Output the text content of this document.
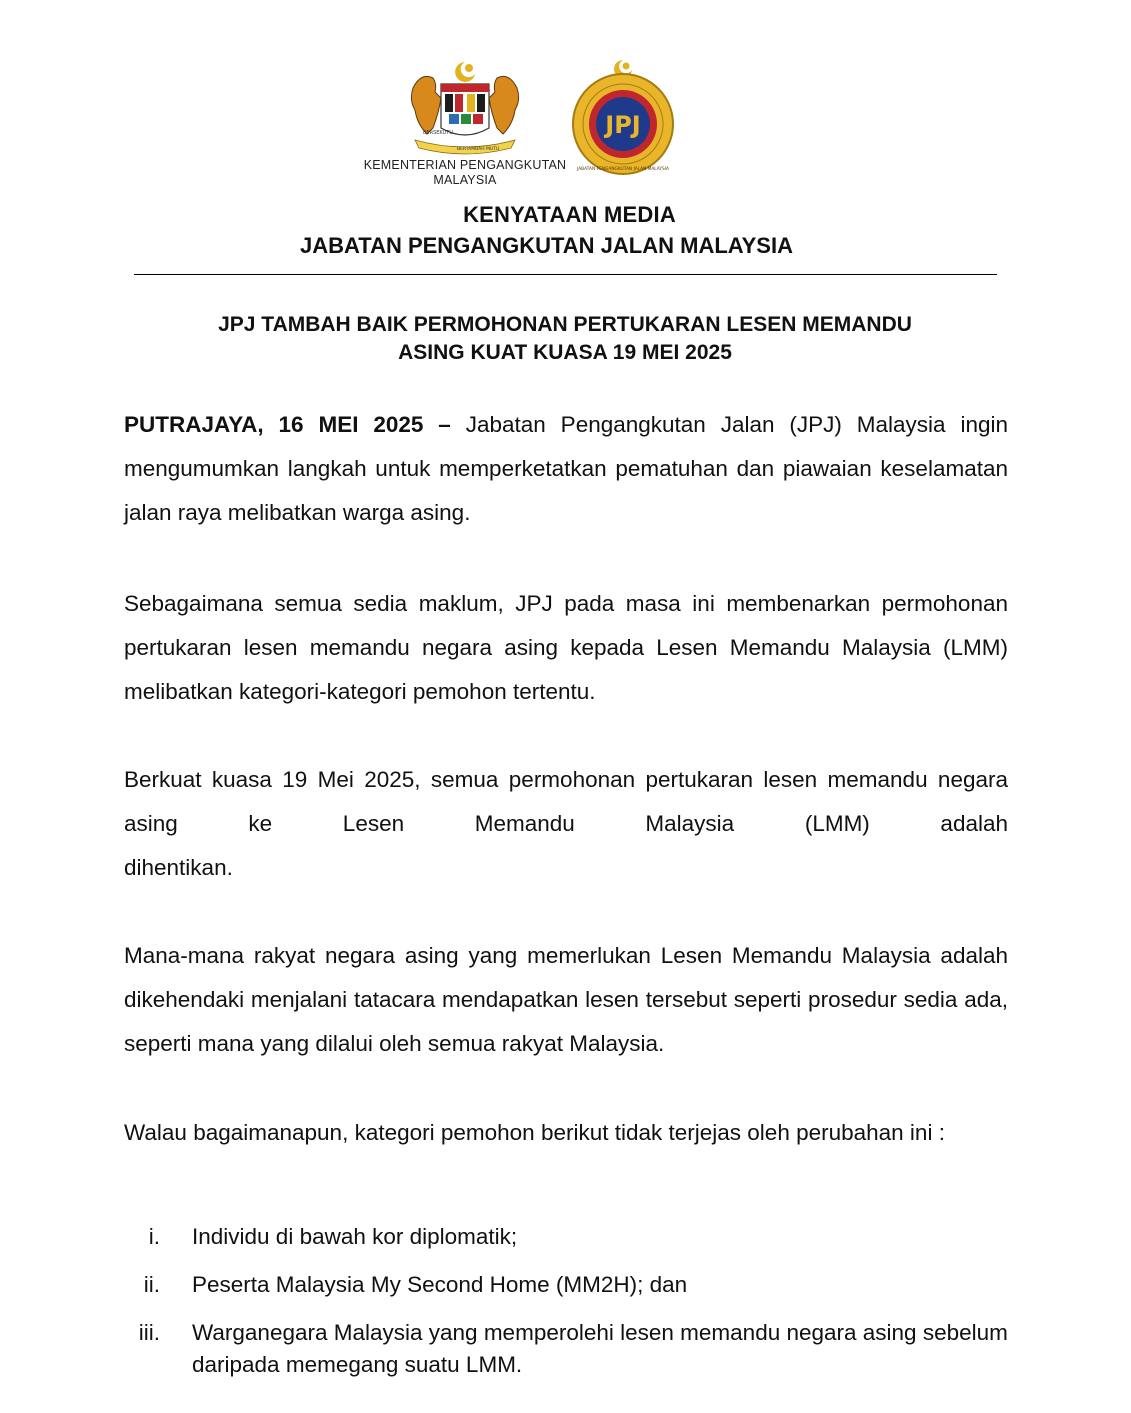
BERSEKUTU
BERTAMBAH MUTU
KEMENTERIAN PENGANGKUTAN
MALAYSIA
JPJ
JABATAN PENGANGKUTAN JALAN MALAYSIA
KENYATAAN MEDIA
JABATAN PENGANGKUTAN JALAN MALAYSIA
JPJ TAMBAH BAIK PERMOHONAN PERTUKARAN LESEN MEMANDU
ASING KUAT KUASA 19 MEI 2025
PUTRAJAYA, 16 MEI 2025 – Jabatan Pengangkutan Jalan (JPJ) Malaysia ingin mengumumkan langkah untuk memperketatkan pematuhan dan piawaian keselamatan jalan raya melibatkan warga asing.
Sebagaimana semua sedia maklum, JPJ pada masa ini membenarkan permohonan pertukaran lesen memandu negara asing kepada Lesen Memandu Malaysia (LMM) melibatkan kategori-kategori pemohon tertentu.
Berkuat kuasa 19 Mei 2025, semua permohonan pertukaran lesen memandu negara asing ke Lesen Memandu Malaysia (LMM) adalah
dihentikan.
Mana-mana rakyat negara asing yang memerlukan Lesen Memandu Malaysia adalah dikehendaki menjalani tatacara mendapatkan lesen tersebut seperti prosedur sedia ada, seperti mana yang dilalui oleh semua rakyat Malaysia.
Walau bagaimanapun, kategori pemohon berikut tidak terjejas oleh perubahan ini :
i. Individu di bawah kor diplomatik;
ii. Peserta Malaysia My Second Home (MM2H); dan
iii. Warganegara Malaysia yang memperolehi lesen memandu negara asing sebelum daripada memegang suatu LMM.
